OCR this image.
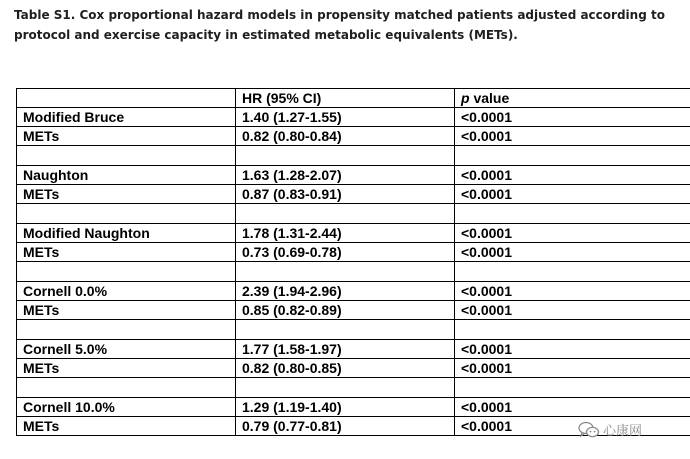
Table S1. Cox proportional hazard models in propensity matched patients adjusted according to
protocol and exercise capacity in estimated metabolic equivalents (METs).
	HR (95% CI)	p value
Modified Bruce	1.40 (1.27-1.55)	<0.0001
METs	0.82 (0.80-0.84)	<0.0001

Naughton	1.63 (1.28-2.07)	<0.0001
METs	0.87 (0.83-0.91)	<0.0001

Modified Naughton	1.78 (1.31-2.44)	<0.0001
METs	0.73 (0.69-0.78)	<0.0001

Cornell 0.0%	2.39 (1.94-2.96)	<0.0001
METs	0.85 (0.82-0.89)	<0.0001

Cornell 5.0%	1.77 (1.58-1.97)	<0.0001
METs	0.82 (0.80-0.85)	<0.0001

Cornell 10.0%	1.29 (1.19-1.40)	<0.0001
METs	0.79 (0.77-0.81)	<0.0001	心康网
